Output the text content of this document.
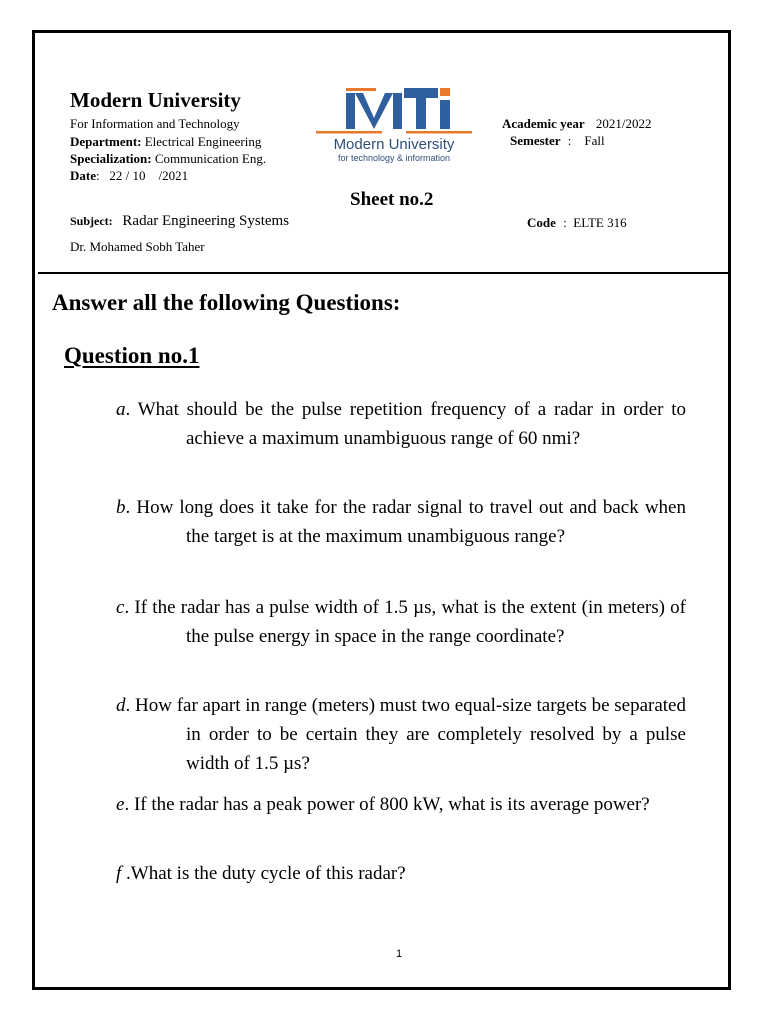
Modern University
For Information and Technology
Department: Electrical Engineering
Specialization: Communication Eng.
Date:   22 / 10    /2021
Modern University
for technology & information
Academic year 2021/2022
Semester :    Fall
Sheet no.2
Subject: Radar Engineering Systems	Code :  ELTE 316
Dr. Mohamed Sobh Taher
Answer all the following Questions:
Question no.1
a. What should be the pulse repetition frequency of a radar in order to achieve a maximum unambiguous range of 60 nmi?
b. How long does it take for the radar signal to travel out and back when the target is at the maximum unambiguous range?
c. If the radar has a pulse width of 1.5 µs, what is the extent (in meters) of the pulse energy in space in the range coordinate?
d. How far apart in range (meters) must two equal-size targets be separated in order to be certain they are completely resolved by a pulse width of 1.5 µs?
e. If the radar has a peak power of 800 kW, what is its average power?
f .What is the duty cycle of this radar?
1
